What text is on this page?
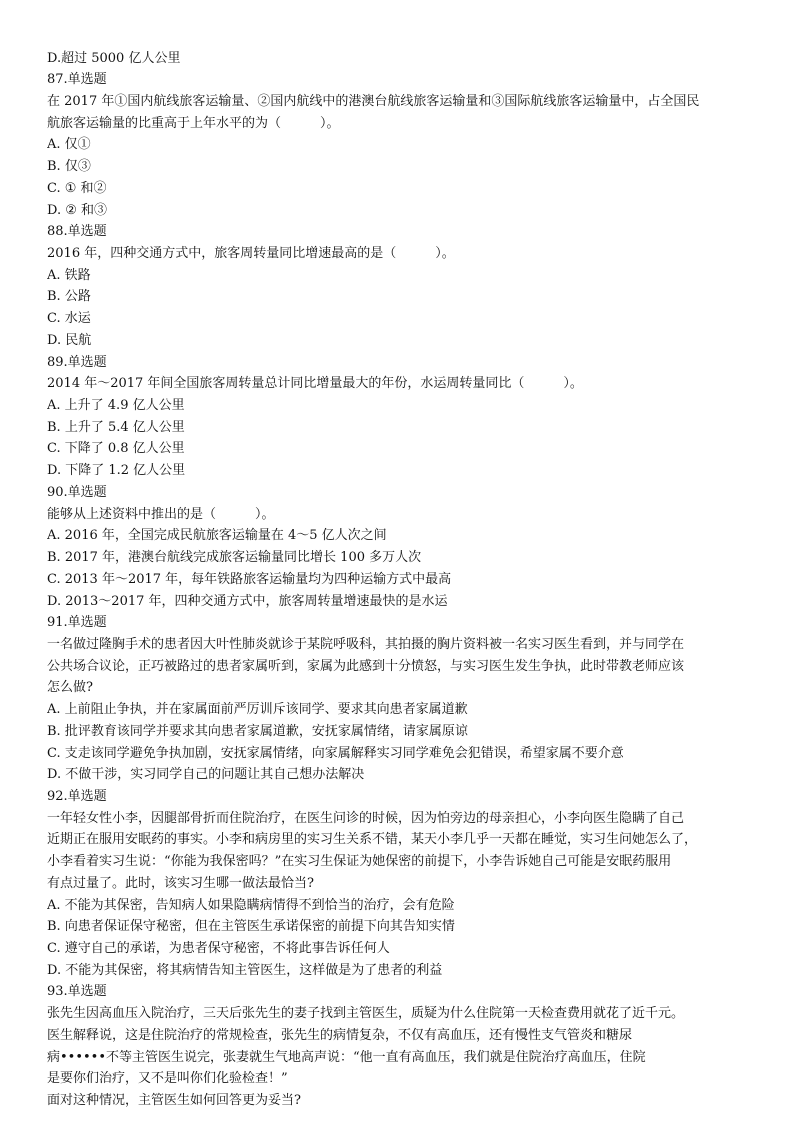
D.超过 5000 亿人公里
87.单选题
在 2017 年①国内航线旅客运输量、②国内航线中的港澳台航线旅客运输量和③国际航线旅客运输量中，占全国民
航旅客运输量的比重高于上年水平的为（　　　）。
A. 仅①
B. 仅③
C. ① 和②
D. ② 和③
88.单选题
2016 年，四种交通方式中，旅客周转量同比增速最高的是（　　　）。
A. 铁路
B. 公路
C. 水运
D. 民航
89.单选题
2014 年～2017 年间全国旅客周转量总计同比增量最大的年份，水运周转量同比（　　　）。
A. 上升了 4.9 亿人公里
B. 上升了 5.4 亿人公里
C. 下降了 0.8 亿人公里
D. 下降了 1.2 亿人公里
90.单选题
能够从上述资料中推出的是（　　　）。
A. 2016 年，全国完成民航旅客运输量在 4～5 亿人次之间
B. 2017 年，港澳台航线完成旅客运输量同比增长 100 多万人次
C. 2013 年～2017 年，每年铁路旅客运输量均为四种运输方式中最高
D. 2013～2017 年，四种交通方式中，旅客周转量增速最快的是水运
91.单选题
一名做过隆胸手术的患者因大叶性肺炎就诊于某院呼吸科，其拍摄的胸片资料被一名实习医生看到，并与同学在
公共场合议论，正巧被路过的患者家属听到，家属为此感到十分愤怒，与实习医生发生争执，此时带教老师应该
怎么做?
A. 上前阻止争执，并在家属面前严厉训斥该同学、要求其向患者家属道歉
B. 批评教育该同学并要求其向患者家属道歉，安抚家属情绪，请家属原谅
C. 支走该同学避免争执加剧，安抚家属情绪，向家属解释实习同学难免会犯错误，希望家属不要介意
D. 不做干涉，实习同学自己的问题让其自己想办法解决
92.单选题
一年轻女性小李，因腿部骨折而住院治疗，在医生问诊的时候，因为怕旁边的母亲担心，小李向医生隐瞒了自己
近期正在服用安眠药的事实。小李和病房里的实习生关系不错，某天小李几乎一天都在睡觉，实习生问她怎么了，
小李看着实习生说：“你能为我保密吗？”在实习生保证为她保密的前提下，小李告诉她自己可能是安眠药服用
有点过量了。此时，该实习生哪一做法最恰当?
A. 不能为其保密，告知病人如果隐瞒病情得不到恰当的治疗，会有危险
B. 向患者保证保守秘密，但在主管医生承诺保密的前提下向其告知实情
C. 遵守自己的承诺，为患者保守秘密，不将此事告诉任何人
D. 不能为其保密，将其病情告知主管医生，这样做是为了患者的利益
93.单选题
张先生因高血压入院治疗，三天后张先生的妻子找到主管医生，质疑为什么住院第一天检查费用就花了近千元。
医生解释说，这是住院治疗的常规检查，张先生的病情复杂，不仅有高血压，还有慢性支气管炎和糖尿
病••••••不等主管医生说完，张妻就生气地高声说：“他一直有高血压，我们就是住院治疗高血压，住院
是要你们治疗，又不是叫你们化验检查！”
面对这种情况，主管医生如何回答更为妥当?
